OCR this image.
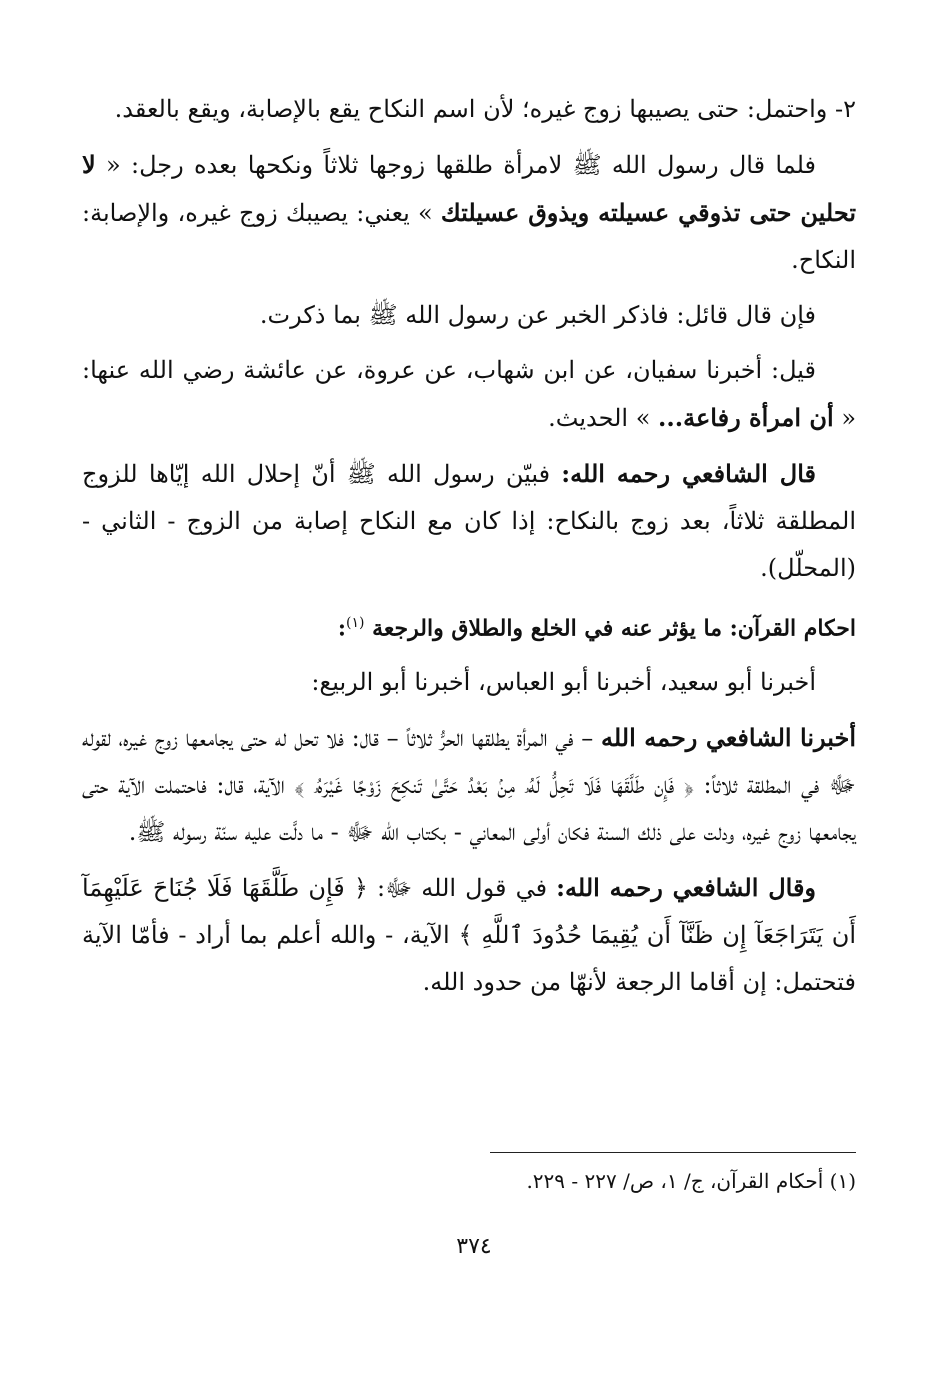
٢- واحتمل: حتى يصيبها زوج غيره؛ لأن اسم النكاح يقع بالإصابة، ويقع بالعقد.

فلما قال رسول الله ﷺ لامرأة طلقها زوجها ثلاثاً ونكحها بعده رجل: « لا تحلين حتى تذوقي عسيلته ويذوق عسيلتك » يعني: يصيبك زوج غيره، والإصابة: النكاح.

فإن قال قائل: فاذكر الخبر عن رسول الله ﷺ بما ذكرت.

قيل: أخبرنا سفيان، عن ابن شهاب، عن عروة، عن عائشة رضي الله عنها: « أن امرأة رفاعة... » الحديث.

قال الشافعي رحمه الله: فبيّن رسول الله ﷺ أنّ إحلال الله إيّاها للزوج المطلقة ثلاثاً، بعد زوج بالنكاح: إذا كان مع النكاح إصابة من الزوج - الثاني - (المحلّل).

احكام القرآن: ما يؤثر عنه في الخلع والطلاق والرجعة $^{(١)}$:

أخبرنا أبو سعيد، أخبرنا أبو العباس، أخبرنا أبو الربيع:

أخبرنا الشافعي رحمه الله – في المرأة يطلقها الحرُّ ثلاثاً – قال: فلا تحل له حتى يجامعها زوج غيره، لقوله ﷻ في المطلقة ثلاثاً: ﴿ فَإِن طَلَّقَهَا فَلَا تَحِلُّ لَهُۥ مِنۢ بَعْدُ حَتَّىٰ تَنكِحَ زَوْجًا غَيْرَهُۥ ﴾ الآية، قال: فاحتملت الآية حتى يجامعها زوج غيره، ودلت على ذلك السنة فكان أولى المعاني - بكتاب الله ﷻ - ما دلَّت عليه سنّة رسوله ﷺ.

وقال الشافعي رحمه الله: في قول الله ﷻ: ﴿ فَإِن طَلَّقَهَا فَلَا جُنَاحَ عَلَيْهِمَآ أَن يَتَرَاجَعَآ إِن ظَنَّآ أَن يُقِيمَا حُدُودَ ٱللَّهِ ﴾ الآية، - والله أعلم بما أراد - فأمّا الآية فتحتمل: إن أقاما الرجعة لأنهّا من حدود الله.

(١) أحكام القرآن، ج/ ١، ص/ ٢٢٧ - ٢٢٩.
٣٧٤
